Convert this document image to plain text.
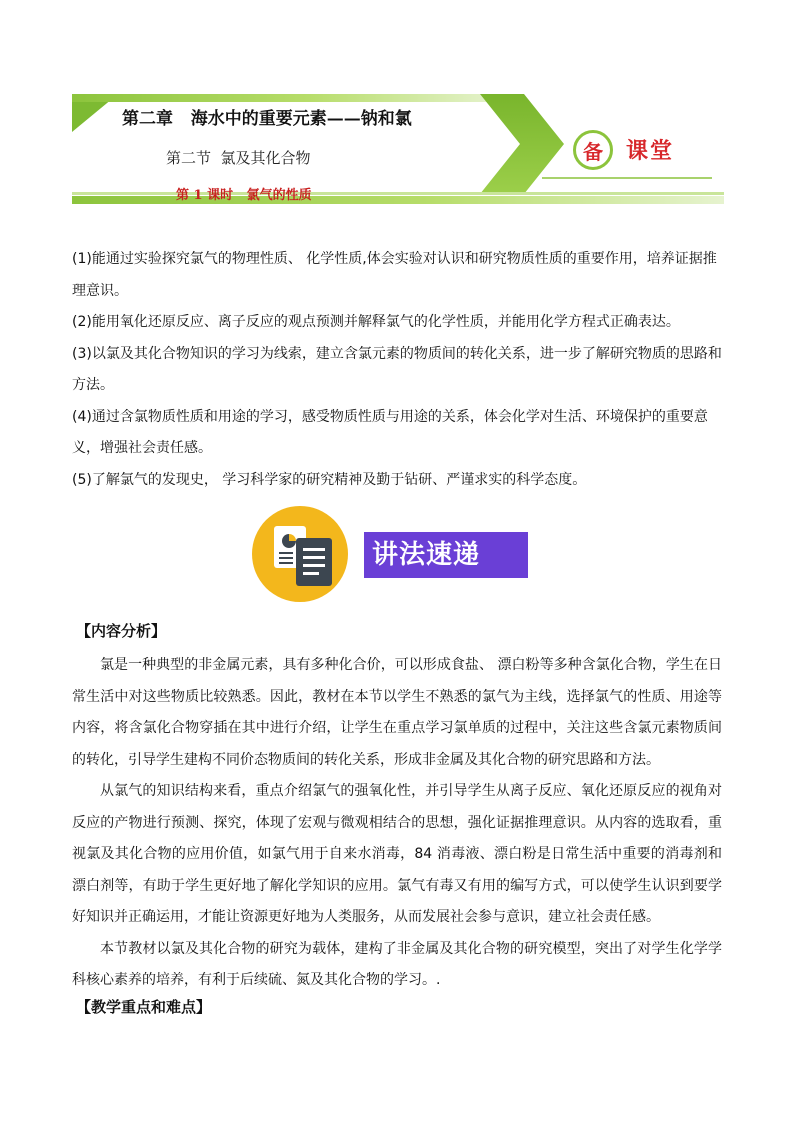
第二章   海水中的重要元素——钠和氯
第二节  氯及其化合物
第 1 课时   氯气的性质
备 课堂

(1)能通过实验探究氯气的物理性质、 化学性质,体会实验对认识和研究物质性质的重要作用，培养证据推理意识。

(2)能用氧化还原反应、离子反应的观点预测并解释氯气的化学性质，并能用化学方程式正确表达。

(3)以氯及其化合物知识的学习为线索，建立含氯元素的物质间的转化关系，进一步了解研究物质的思路和方法。

(4)通过含氯物质性质和用途的学习，感受物质性质与用途的关系，体会化学对生活、环境保护的重要意义，增强社会责任感。

(5)了解氯气的发现史， 学习科学家的研究精神及勤于钻研、严谨求实的科学态度。

讲法速递
【内容分析】

氯是一种典型的非金属元素，具有多种化合价，可以形成食盐、 漂白粉等多种含氯化合物，学生在日常生活中对这些物质比较熟悉。因此，教材在本节以学生不熟悉的氯气为主线，选择氯气的性质、用途等内容，将含氯化合物穿插在其中进行介绍，让学生在重点学习氯单质的过程中，关注这些含氯元素物质间的转化，引导学生建构不同价态物质间的转化关系，形成非金属及其化合物的研究思路和方法。

从氯气的知识结构来看，重点介绍氯气的强氧化性，并引导学生从离子反应、氧化还原反应的视角对反应的产物进行预测、探究，体现了宏观与微观相结合的思想，强化证据推理意识。从内容的选取看，重视氯及其化合物的应用价值，如氯气用于自来水消毒，84 消毒液、漂白粉是日常生活中重要的消毒剂和漂白剂等，有助于学生更好地了解化学知识的应用。氯气有毒又有用的编写方式，可以使学生认识到要学好知识并正确运用，才能让资源更好地为人类服务，从而发展社会参与意识，建立社会责任感。

本节教材以氯及其化合物的研究为载体，建构了非金属及其化合物的研究模型，突出了对学生化学学科核心素养的培养，有利于后续硫、氮及其化合物的学习。.

【教学重点和难点】
